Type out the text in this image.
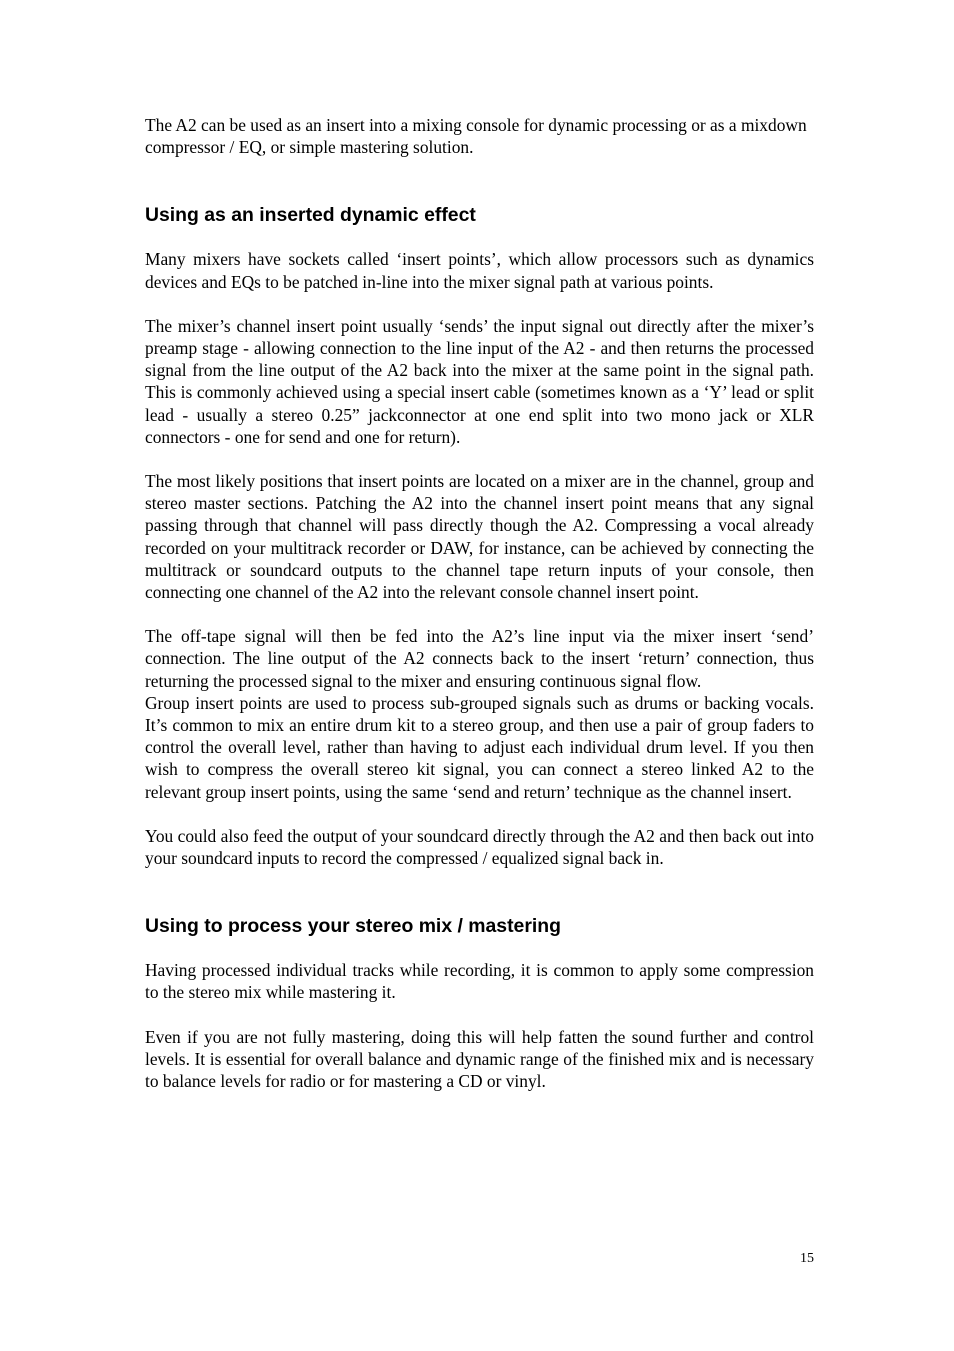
The A2 can be used as an insert into a mixing console for dynamic processing or as a mixdown compressor / EQ, or simple mastering solution.

Using as an inserted dynamic effect

Many mixers have sockets called ‘insert points’, which allow processors such as dynamics devices and EQs to be patched in-line into the mixer signal path at various points.

The mixer’s channel insert point usually ‘sends’ the input signal out directly after the mixer’s preamp stage - allowing connection to the line input of the A2 - and then returns the processed signal from the line output of the A2 back into the mixer at the same point in the signal path. This is commonly achieved using a special insert cable (sometimes known as a ‘Y’ lead or split lead - usually a stereo 0.25” jackconnector at one end split into two mono jack or XLR connectors - one for send and one for return).

The most likely positions that insert points are located on a mixer are in the channel, group and stereo master sections. Patching the A2 into the channel insert point means that any signal passing through that channel will pass directly though the A2. Compressing a vocal already recorded on your multitrack recorder or DAW, for instance, can be achieved by connecting the multitrack or soundcard outputs to the channel tape return inputs of your console, then connecting one channel of the A2 into the relevant console channel insert point.

The off-tape signal will then be fed into the A2’s line input via the mixer insert ‘send’ connection. The line output of the A2 connects back to the insert ‘return’ connection, thus returning the processed signal to the mixer and ensuring continuous signal flow.

Group insert points are used to process sub-grouped signals such as drums or backing vocals. It’s common to mix an entire drum kit to a stereo group, and then use a pair of group faders to control the overall level, rather than having to adjust each individual drum level. If you then wish to compress the overall stereo kit signal, you can connect a stereo linked A2 to the relevant group insert points, using the same ‘send and return’ technique as the channel insert.

You could also feed the output of your soundcard directly through the A2 and then back out into your soundcard inputs to record the compressed / equalized signal back in.

Using to process your stereo mix / mastering

Having processed individual tracks while recording, it is common to apply some compression to the stereo mix while mastering it.

Even if you are not fully mastering, doing this will help fatten the sound further and control levels. It is essential for overall balance and dynamic range of the finished mix and is necessary to balance levels for radio or for mastering a CD or vinyl.

15
